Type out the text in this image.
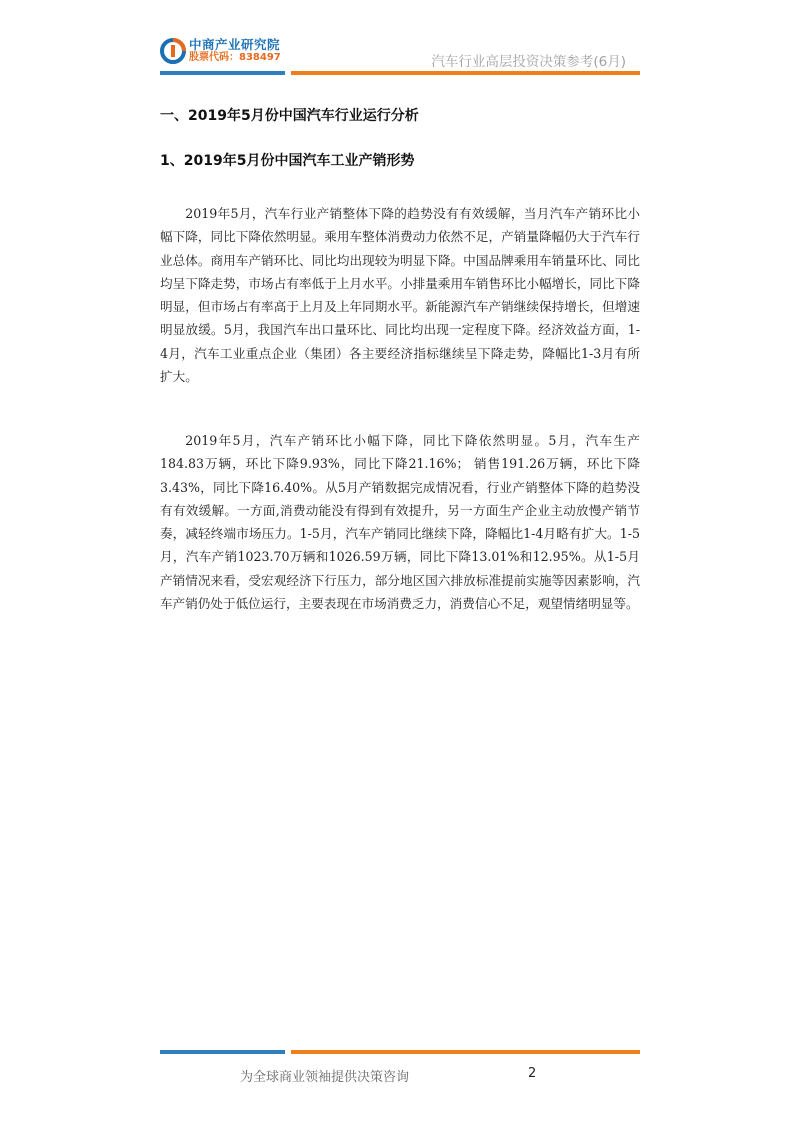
中商产业研究院
股票代码：838497	汽车行业高层投资决策参考(6月)
一、2019年5月份中国汽车行业运行分析
1、2019年5月份中国汽车工业产销形势

2019年5月，汽车行业产销整体下降的趋势没有有效缓解，当月汽车产销环比小幅下降，同比下降依然明显。乘用车整体消费动力依然不足，产销量降幅仍大于汽车行业总体。商用车产销环比、同比均出现较为明显下降。中国品牌乘用车销量环比、同比均呈下降走势，市场占有率低于上月水平。小排量乘用车销售环比小幅增长，同比下降明显，但市场占有率高于上月及上年同期水平。新能源汽车产销继续保持增长，但增速明显放缓。5月，我国汽车出口量环比、同比均出现一定程度下降。经济效益方面，1-4月，汽车工业重点企业（集团）各主要经济指标继续呈下降走势，降幅比1-3月有所扩大。

2019年5月，汽车产销环比小幅下降，同比下降依然明显。5月，汽车生产184.83万辆，环比下降9.93%，同比下降21.16%； 销售191.26万辆，环比下降3.43%，同比下降16.40%。从5月产销数据完成情况看，行业产销整体下降的趋势没有有效缓解。一方面,消费动能没有得到有效提升，另一方面生产企业主动放慢产销节奏，减轻终端市场压力。1-5月，汽车产销同比继续下降，降幅比1-4月略有扩大。1-5月，汽车产销1023.70万辆和1026.59万辆，同比下降13.01%和12.95%。从1-5月产销情况来看，受宏观经济下行压力，部分地区国六排放标准提前实施等因素影响，汽车产销仍处于低位运行，主要表现在市场消费乏力，消费信心不足，观望情绪明显等。

为全球商业领袖提供决策咨询	2
